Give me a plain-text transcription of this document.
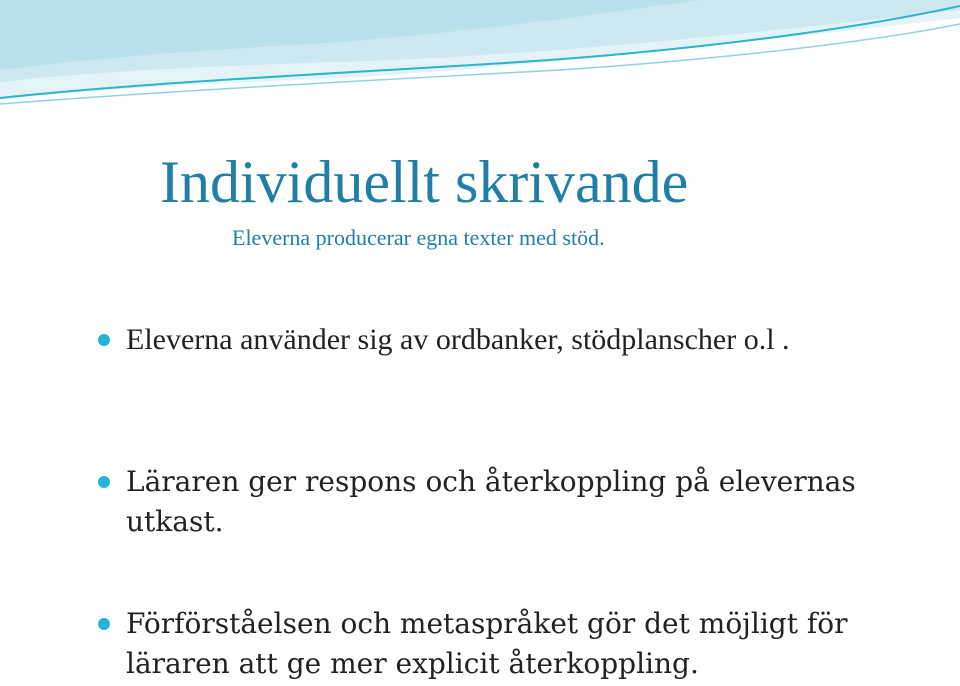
Individuellt skrivande
Eleverna producerar egna texter med stöd.
Eleverna använder sig av ordbanker, stödplanscher o.l .
Läraren ger respons och återkoppling på elevernas utkast.
Förförståelsen och metaspråket gör det möjligt för läraren att ge mer explicit återkoppling.
